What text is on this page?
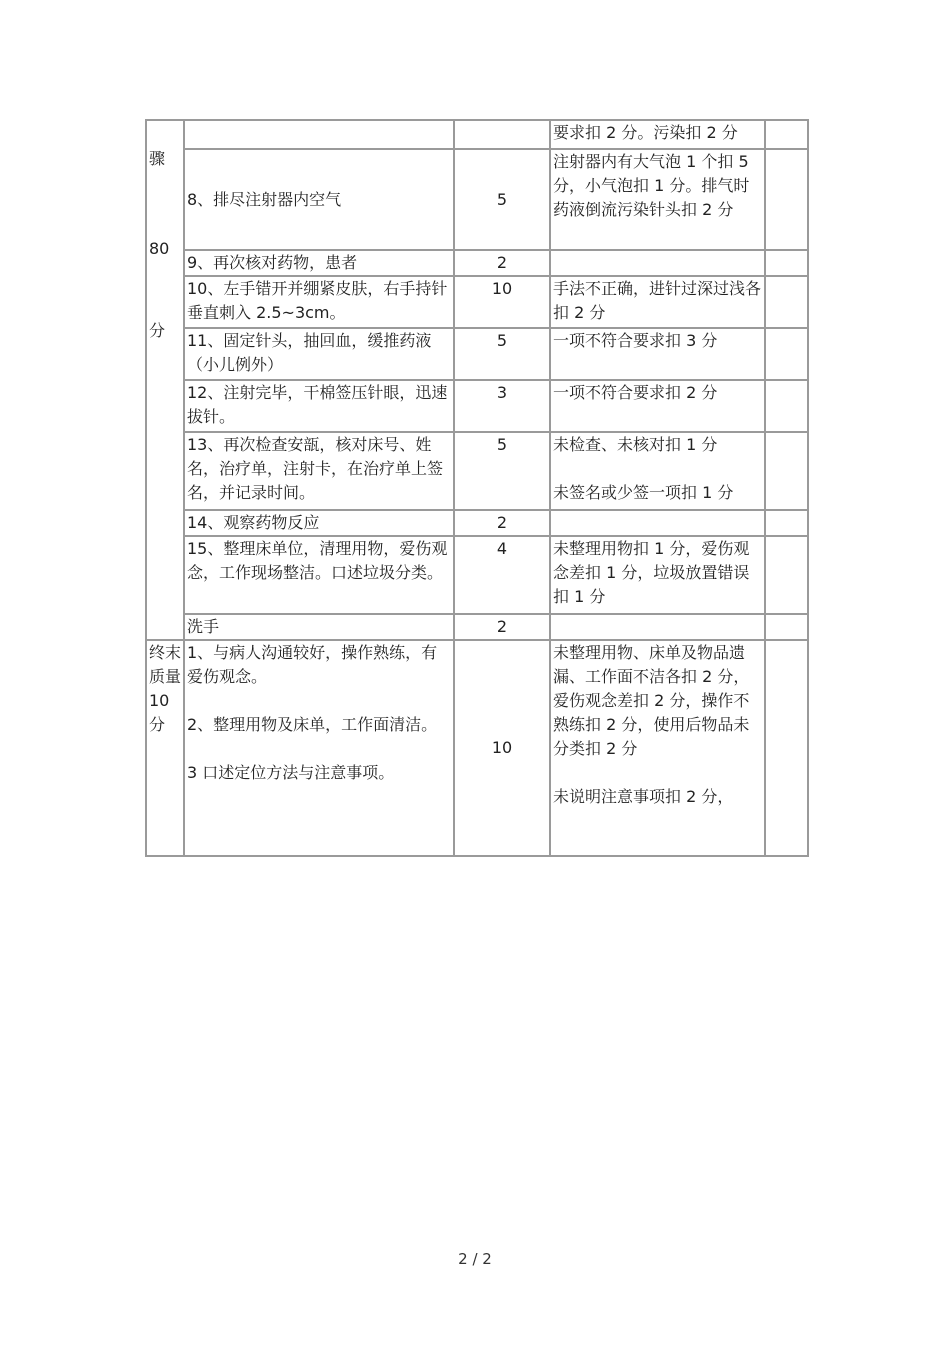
骤
80
分			要求扣 2 分。污染扣 2 分	
	8、排尽注射器内空气	5	注射器内有大气泡 1 个扣 5 分，小气泡扣 1 分。排气时药液倒流污染针头扣 2 分	
	9、再次核对药物，患者	2		
	10、左手错开并绷紧皮肤，右手持针垂直刺入 2.5~3cm。	10	手法不正确，进针过深过浅各扣 2 分	
	11、固定针头，抽回血，缓推药液（小儿例外）	5	一项不符合要求扣 3 分	
	12、注射完毕，干棉签压针眼，迅速拔针。	3	一项不符合要求扣 2 分	
	13、再次检查安瓿，核对床号、姓名，治疗单，注射卡，在治疗单上签名，并记录时间。	5	未检查、未核对扣 1 分
未签名或少签一项扣 1 分	

	14、观察药物反应	2		
	15、整理床单位，清理用物，爱伤观念，工作现场整洁。口述垃圾分类。	4	未整理用物扣 1 分，爱伤观念差扣 1 分，垃圾放置错误扣 1 分	
	洗手	2		

终末
质量
10
分	1、与病人沟通较好，操作熟练，有爱伤观念。
2、整理用物及床单，工作面清洁。
3 口述定位方法与注意事项。	10	未整理用物、床单及物品遗漏、工作面不洁各扣 2 分，爱伤观念差扣 2 分，操作不熟练扣 2 分，使用后物品未分类扣 2 分
未说明注意事项扣 2 分，	

2 / 2
